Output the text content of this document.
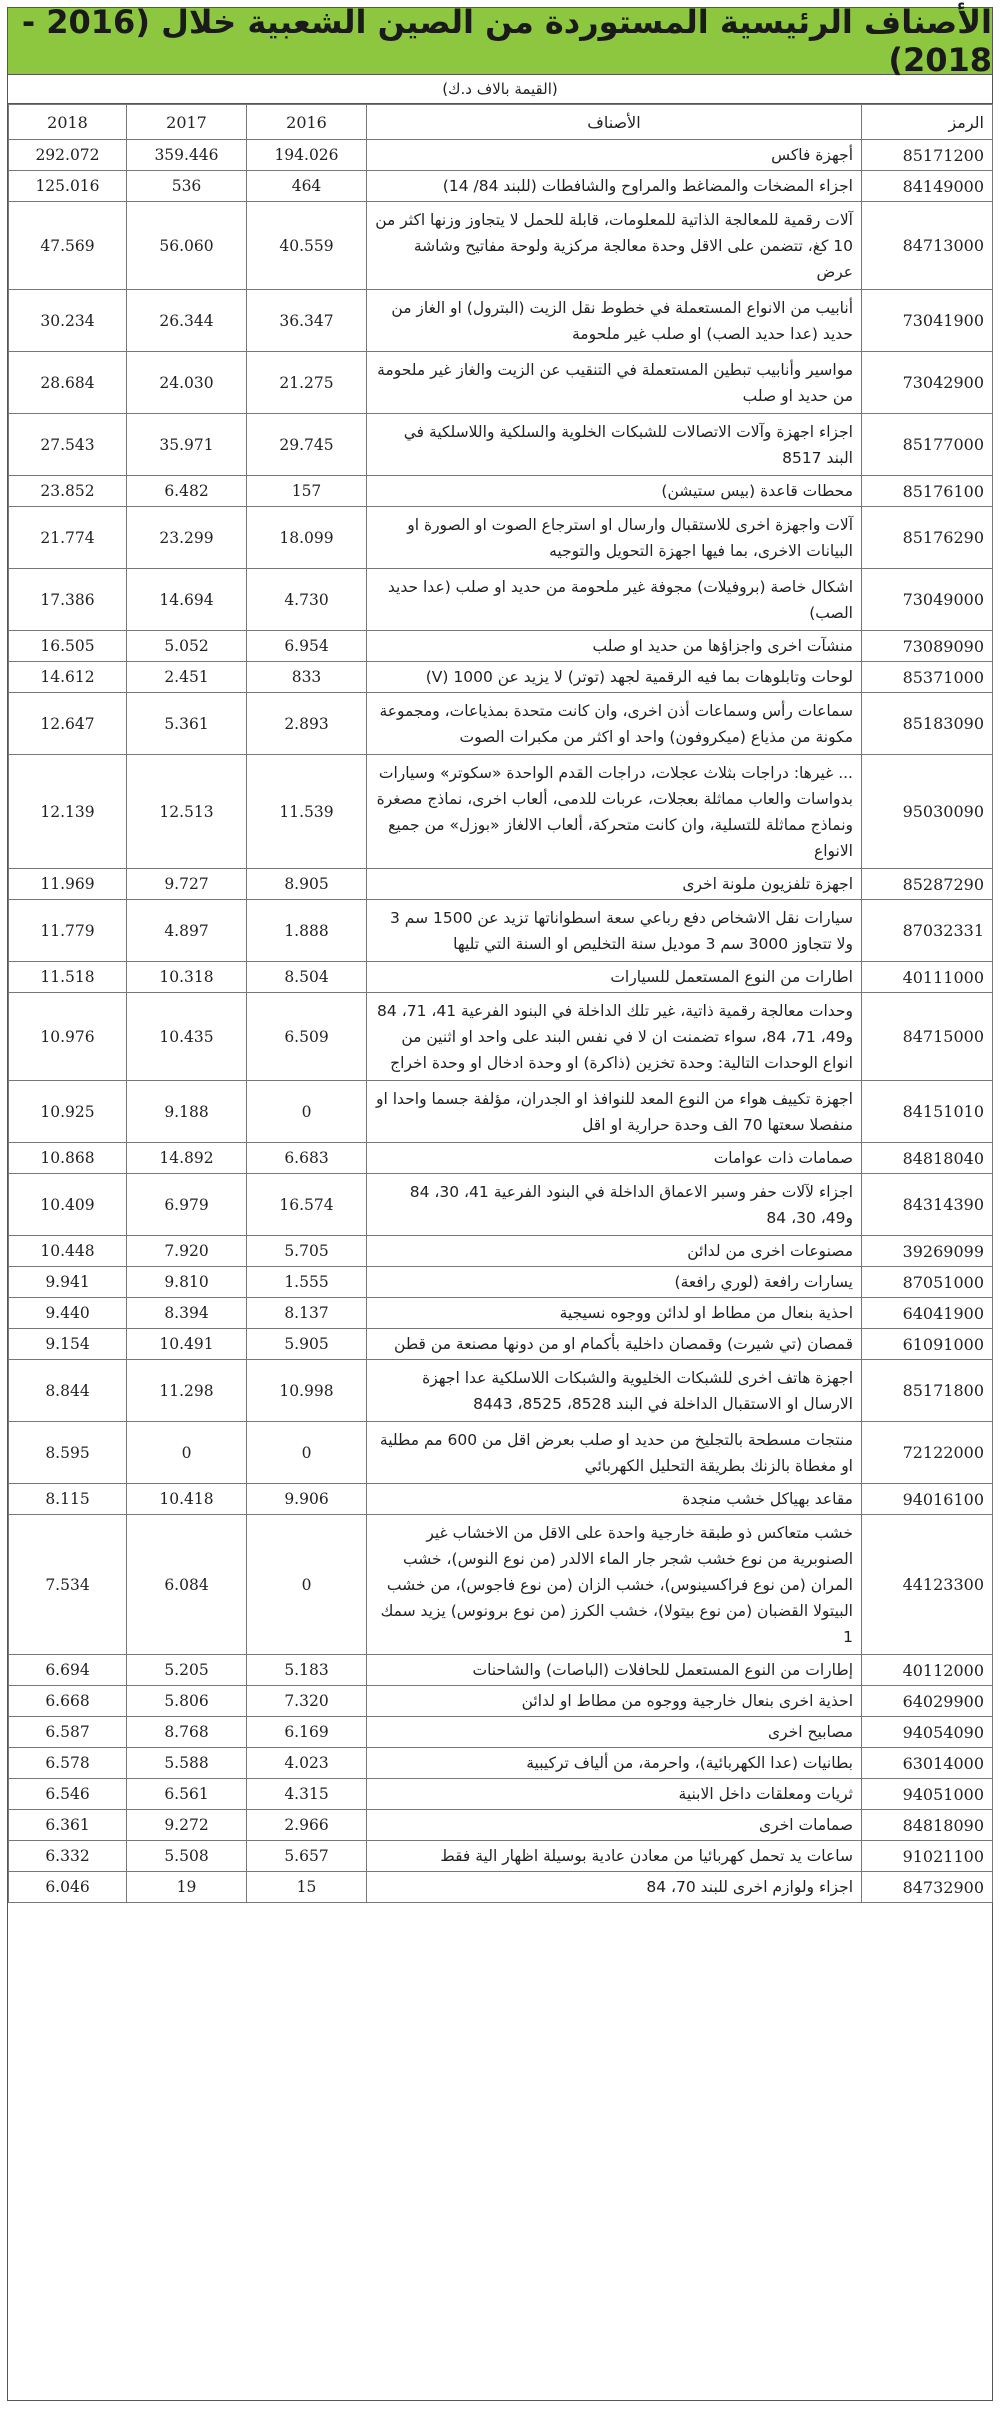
الأصناف الرئيسية المستوردة من الصين الشعبية خلال (2016 - 2018)
(القيمة بالاف د.ك)
الرمز	الأصناف	2016	2017	2018
85171200	أجهزة فاكس	194.026	359.446	292.072
84149000	اجزاء المضخات والمضاغط والمراوح والشافطات (للبند 84/ 14)	464	536	125.016
84713000	آلات رقمية للمعالجة الذاتية للمعلومات، قابلة للحمل لا يتجاوز وزنها اكثر من 10 كغ، تتضمن على الاقل وحدة معالجة مركزية ولوحة مفاتيح وشاشة عرض	40.559	56.060	47.569
73041900	أنابيب من الانواع المستعملة في خطوط نقل الزيت (البترول) او الغاز من حديد (عدا حديد الصب) او صلب غير ملحومة	36.347	26.344	30.234
73042900	مواسير وأنابيب تبطين المستعملة في التنقيب عن الزيت والغاز غير ملحومة من حديد او صلب	21.275	24.030	28.684
85177000	اجزاء اجهزة وآلات الاتصالات للشبكات الخلوية والسلكية واللاسلكية في البند 8517	29.745	35.971	27.543
85176100	محطات قاعدة (بيس ستيشن)	157	6.482	23.852
85176290	آلات واجهزة اخرى للاستقبال وارسال او استرجاع الصوت او الصورة او البيانات الاخرى، بما فيها اجهزة التحويل والتوجيه	18.099	23.299	21.774
73049000	اشكال خاصة (بروفيلات) مجوفة غير ملحومة من حديد او صلب (عدا حديد الصب)	4.730	14.694	17.386
73089090	منشآت اخرى واجزاؤها من حديد او صلب	6.954	5.052	16.505
85371000	لوحات وتابلوهات بما فيه الرقمية لجهد (توتر) لا يزيد عن 1000 (V)	833	2.451	14.612
85183090	سماعات رأس وسماعات أذن اخرى، وان كانت متحدة بمذياعات، ومجموعة مكونة من مذياع (ميكروفون) واحد او اكثر من مكبرات الصوت	2.893	5.361	12.647
95030090	... غيرها: دراجات بثلاث عجلات، دراجات القدم الواحدة «سكوتر» وسيارات بدواسات والعاب مماثلة بعجلات، عربات للدمى، ألعاب اخرى، نماذج مصغرة ونماذج مماثلة للتسلية، وان كانت متحركة، ألعاب الالغاز «بوزل» من جميع الانواع	11.539	12.513	12.139
85287290	اجهزة تلفزيون ملونة اخرى	8.905	9.727	11.969
87032331	سيارات نقل الاشخاص دفع رباعي سعة اسطواناتها تزيد عن 1500 سم 3 ولا تتجاوز 3000 سم 3 موديل سنة التخليص او السنة التي تليها	1.888	4.897	11.779
40111000	اطارات من النوع المستعمل للسيارات	8.504	10.318	11.518
84715000	وحدات معالجة رقمية ذاتية، غير تلك الداخلة في البنود الفرعية 41، 71، 84 و49، 71، 84، سواء تضمنت ان لا في نفس البند على واحد او اثنين من انواع الوحدات التالية: وحدة تخزين (ذاكرة) او وحدة ادخال او وحدة اخراج	6.509	10.435	10.976
84151010	اجهزة تكييف هواء من النوع المعد للنوافذ او الجدران، مؤلفة جسما واحدا او منفصلا سعتها 70 الف وحدة حرارية او اقل	0	9.188	10.925
84818040	صمامات ذات عوامات	6.683	14.892	10.868
84314390	اجزاء لآلات حفر وسبر الاعماق الداخلة في البنود الفرعية 41، 30، 84 و49، 30، 84	16.574	6.979	10.409
39269099	مصنوعات اخرى من لدائن	5.705	7.920	10.448
87051000	يسارات رافعة (لوري رافعة)	1.555	9.810	9.941
64041900	احذية بنعال من مطاط او لدائن ووجوه نسيجية	8.137	8.394	9.440
61091000	قمصان (تي شيرت) وقمصان داخلية بأكمام او من دونها مصنعة من قطن	5.905	10.491	9.154
85171800	اجهزة هاتف اخرى للشبكات الخليوية والشبكات اللاسلكية عدا اجهزة الارسال او الاستقبال الداخلة في البند 8528، 8525، 8443	10.998	11.298	8.844
72122000	منتجات مسطحة بالتجليخ من حديد او صلب بعرض اقل من 600 مم مطلية او مغطاة بالزنك بطريقة التحليل الكهربائي	0	0	8.595
94016100	مقاعد بهياكل خشب منجدة	9.906	10.418	8.115
44123300	خشب متعاكس ذو طبقة خارجية واحدة على الاقل من الاخشاب غير الصنوبرية من نوع خشب شجر جار الماء الالدر (من نوع النوس)، خشب المران (من نوع فراكسينوس)، خشب الزان (من نوع فاجوس)، من خشب البيتولا القضبان (من نوع بيتولا)، خشب الكرز (من نوع برونوس) يزيد سمك 1	0	6.084	7.534
40112000	إطارات من النوع المستعمل للحافلات (الباصات) والشاحنات	5.183	5.205	6.694
64029900	احذية اخرى بنعال خارجية ووجوه من مطاط او لدائن	7.320	5.806	6.668
94054090	مصابيح اخرى	6.169	8.768	6.587
63014000	بطانيات (عدا الكهربائية)، واحرمة، من ألياف تركيبية	4.023	5.588	6.578
94051000	ثريات ومعلقات داخل الابنية	4.315	6.561	6.546
84818090	صمامات اخرى	2.966	9.272	6.361
91021100	ساعات يد تحمل كهربائيا من معادن عادية بوسيلة اظهار الية فقط	5.657	5.508	6.332
84732900	اجزاء ولوازم اخرى للبند 70، 84	15	19	6.046
